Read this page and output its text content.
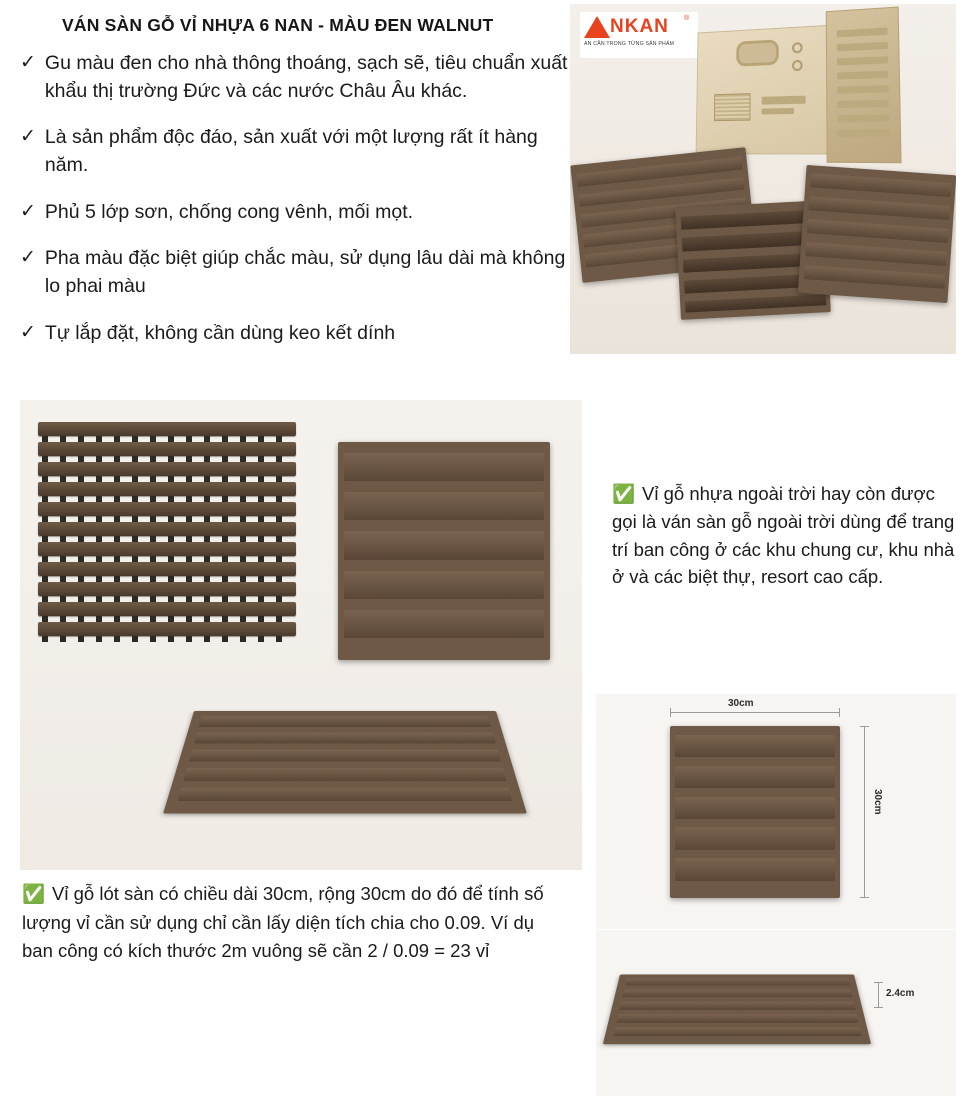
VÁN SÀN GỖ VỈ NHỰA 6 NAN - MÀU ĐEN WALNUT
✓ Gu màu đen cho nhà thông thoáng, sạch sẽ, tiêu chuẩn xuất khẩu thị trường Đức và các nước Châu Âu khác.
✓ Là sản phẩm độc đáo, sản xuất với một lượng rất ít hàng năm.
✓ Phủ 5 lớp sơn, chống cong vênh, mối mọt.
✓ Pha màu đặc biệt giúp chắc màu, sử dụng lâu dài mà không lo phai màu
✓ Tự lắp đặt, không cần dùng keo kết dính
NKAN ®
AN CẦN TRONG TỪNG SẢN PHẨM
✅ Vỉ gỗ nhựa ngoài trời hay còn được gọi là ván sàn gỗ ngoài trời dùng để trang trí ban công ở các khu chung cư, khu nhà ở và các biệt thự, resort cao cấp.
✅ Vỉ gỗ lót sàn có chiều dài 30cm, rộng 30cm do đó để tính số lượng vỉ cần sử dụng chỉ cần lấy diện tích chia cho 0.09. Ví dụ ban công có kích thước 2m vuông sẽ cần 2 / 0.09 = 23 vỉ
30cm
30cm
2.4cm
